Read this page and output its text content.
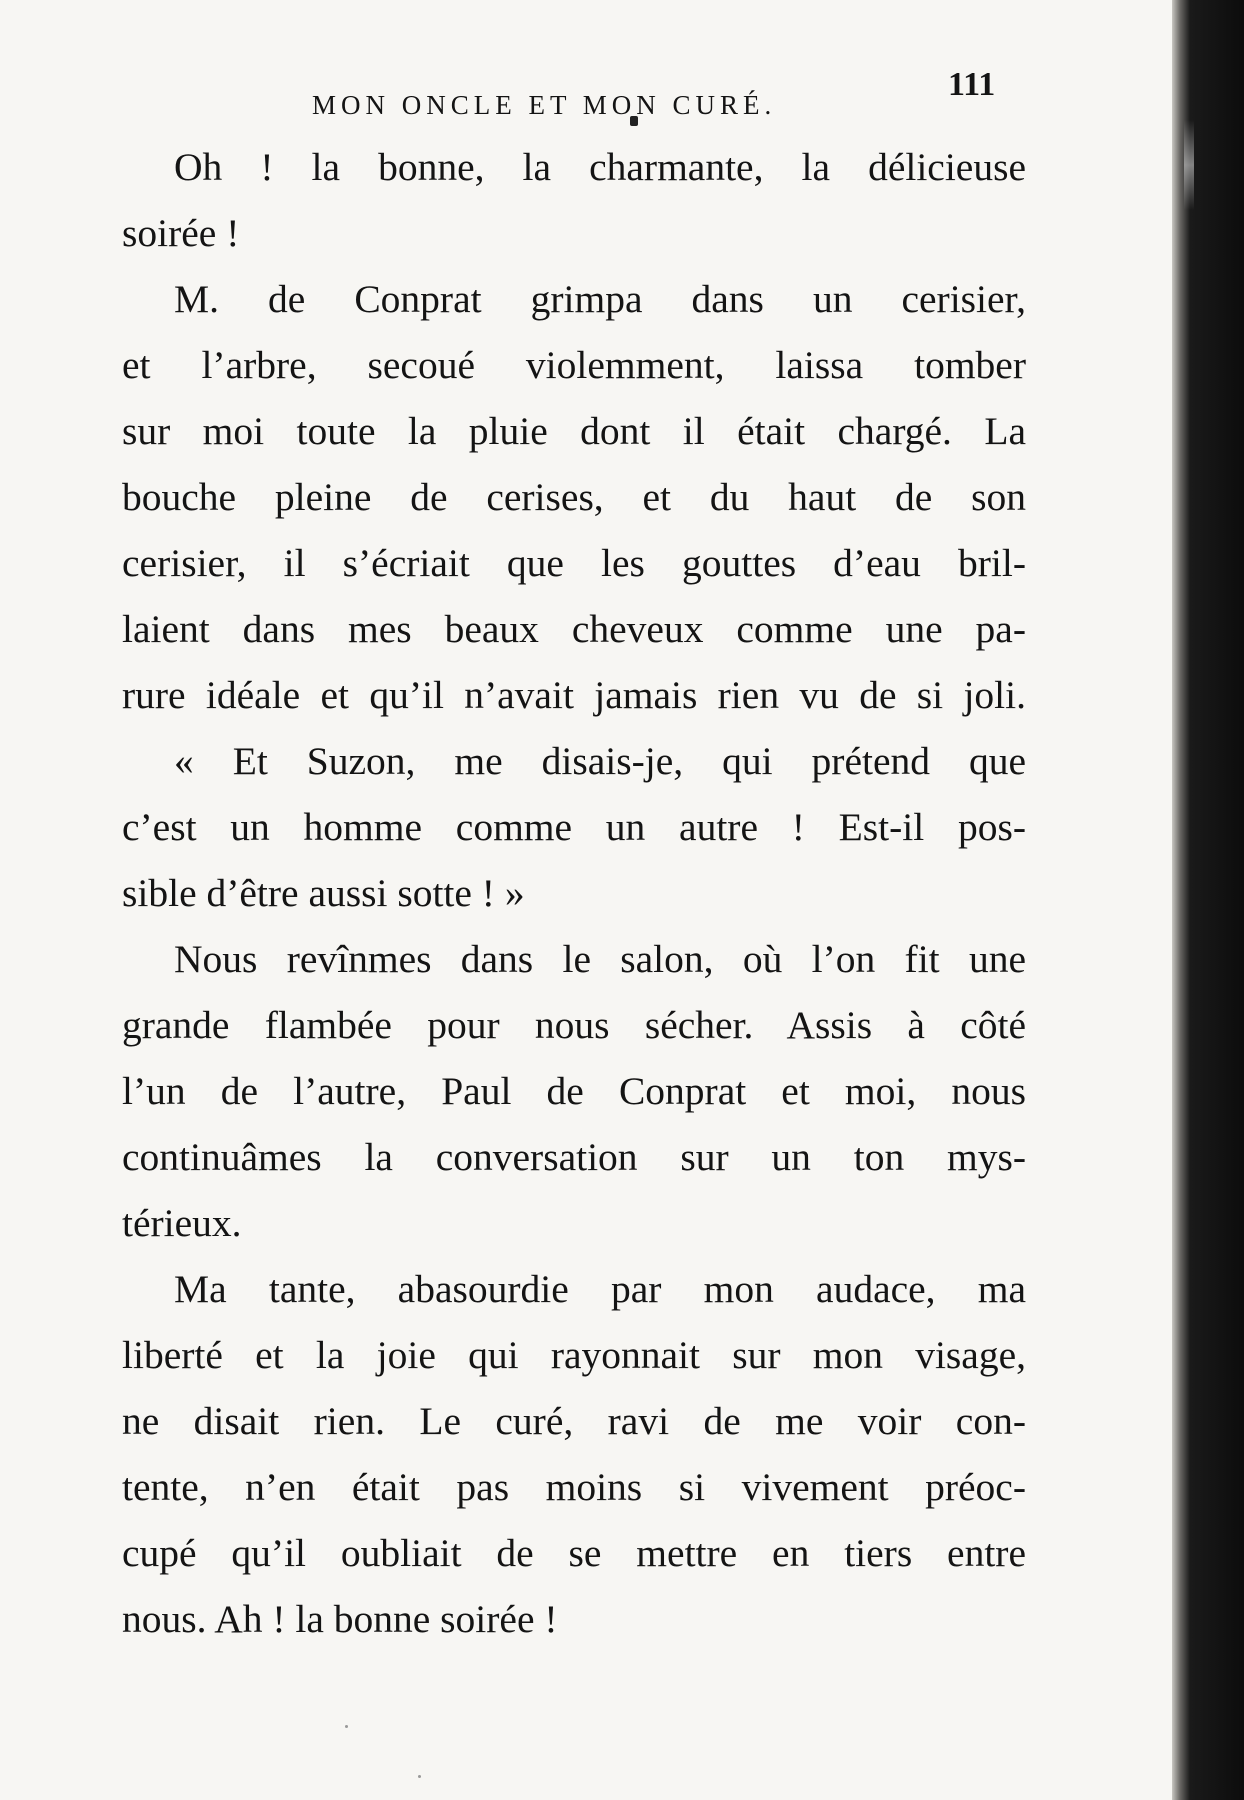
MON ONCLE ET MON CURÉ.
111
Oh ! la bonne, la charmante, la délicieuse
soirée !
M. de Conprat grimpa dans un cerisier,
et l’arbre, secoué violemment, laissa tomber
sur moi toute la pluie dont il était chargé. La
bouche pleine de cerises, et du haut de son
cerisier, il s’écriait que les gouttes d’eau bril-
laient dans mes beaux cheveux comme une pa-
rure idéale et qu’il n’avait jamais rien vu de si joli.
« Et Suzon, me disais-je, qui prétend que
c’est un homme comme un autre ! Est-il pos-
sible d’être aussi sotte ! »
Nous revînmes dans le salon, où l’on fit une
grande flambée pour nous sécher. Assis à côté
l’un de l’autre, Paul de Conprat et moi, nous
continuâmes la conversation sur un ton mys-
térieux.
Ma tante, abasourdie par mon audace, ma
liberté et la joie qui rayonnait sur mon visage,
ne disait rien. Le curé, ravi de me voir con-
tente, n’en était pas moins si vivement préoc-
cupé qu’il oubliait de se mettre en tiers entre
nous. Ah ! la bonne soirée !
